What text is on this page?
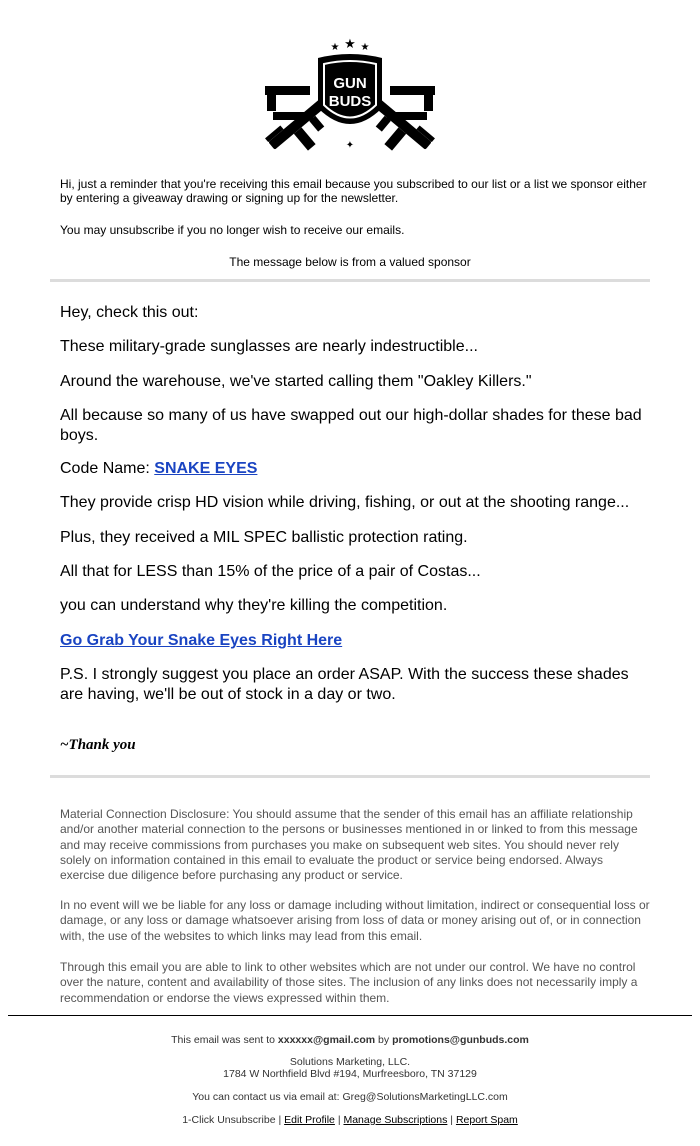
★ ★ ★
✦
GUN
BUDS
Hi, just a reminder that you're receiving this email because you subscribed to our list or a list we sponsor either by entering a giveaway drawing or signing up for the newsletter.
You may unsubscribe if you no longer wish to receive our emails.
The message below is from a valued sponsor
Hey, check this out:
These military-grade sunglasses are nearly indestructible...
Around the warehouse, we've started calling them "Oakley Killers."
All because so many of us have swapped out our high-dollar shades for these bad boys.
Code Name: SNAKE EYES
They provide crisp HD vision while driving, fishing, or out at the shooting range...
Plus, they received a MIL SPEC ballistic protection rating.
All that for LESS than 15% of the price of a pair of Costas...
you can understand why they're killing the competition.
Go Grab Your Snake Eyes Right Here
P.S. I strongly suggest you place an order ASAP. With the success these shades are having, we'll be out of stock in a day or two.
~Thank you
Material Connection Disclosure: You should assume that the sender of this email has an affiliate relationship and/or another material connection to the persons or businesses mentioned in or linked to from this message and may receive commissions from purchases you make on subsequent web sites. You should never rely solely on information contained in this email to evaluate the product or service being endorsed. Always exercise due diligence before purchasing any product or service.
In no event will we be liable for any loss or damage including without limitation, indirect or consequential loss or damage, or any loss or damage whatsoever arising from loss of data or money arising out of, or in connection with, the use of the websites to which links may lead from this email.
Through this email you are able to link to other websites which are not under our control. We have no control over the nature, content and availability of those sites. The inclusion of any links does not necessarily imply a recommendation or endorse the views expressed within them.
This email was sent to xxxxxx@gmail.com by promotions@gunbuds.com
Solutions Marketing, LLC.
1784 W Northfield Blvd #194, Murfreesboro, TN 37129
You can contact us via email at: Greg@SolutionsMarketingLLC.com
1-Click Unsubscribe | Edit Profile | Manage Subscriptions | Report Spam
